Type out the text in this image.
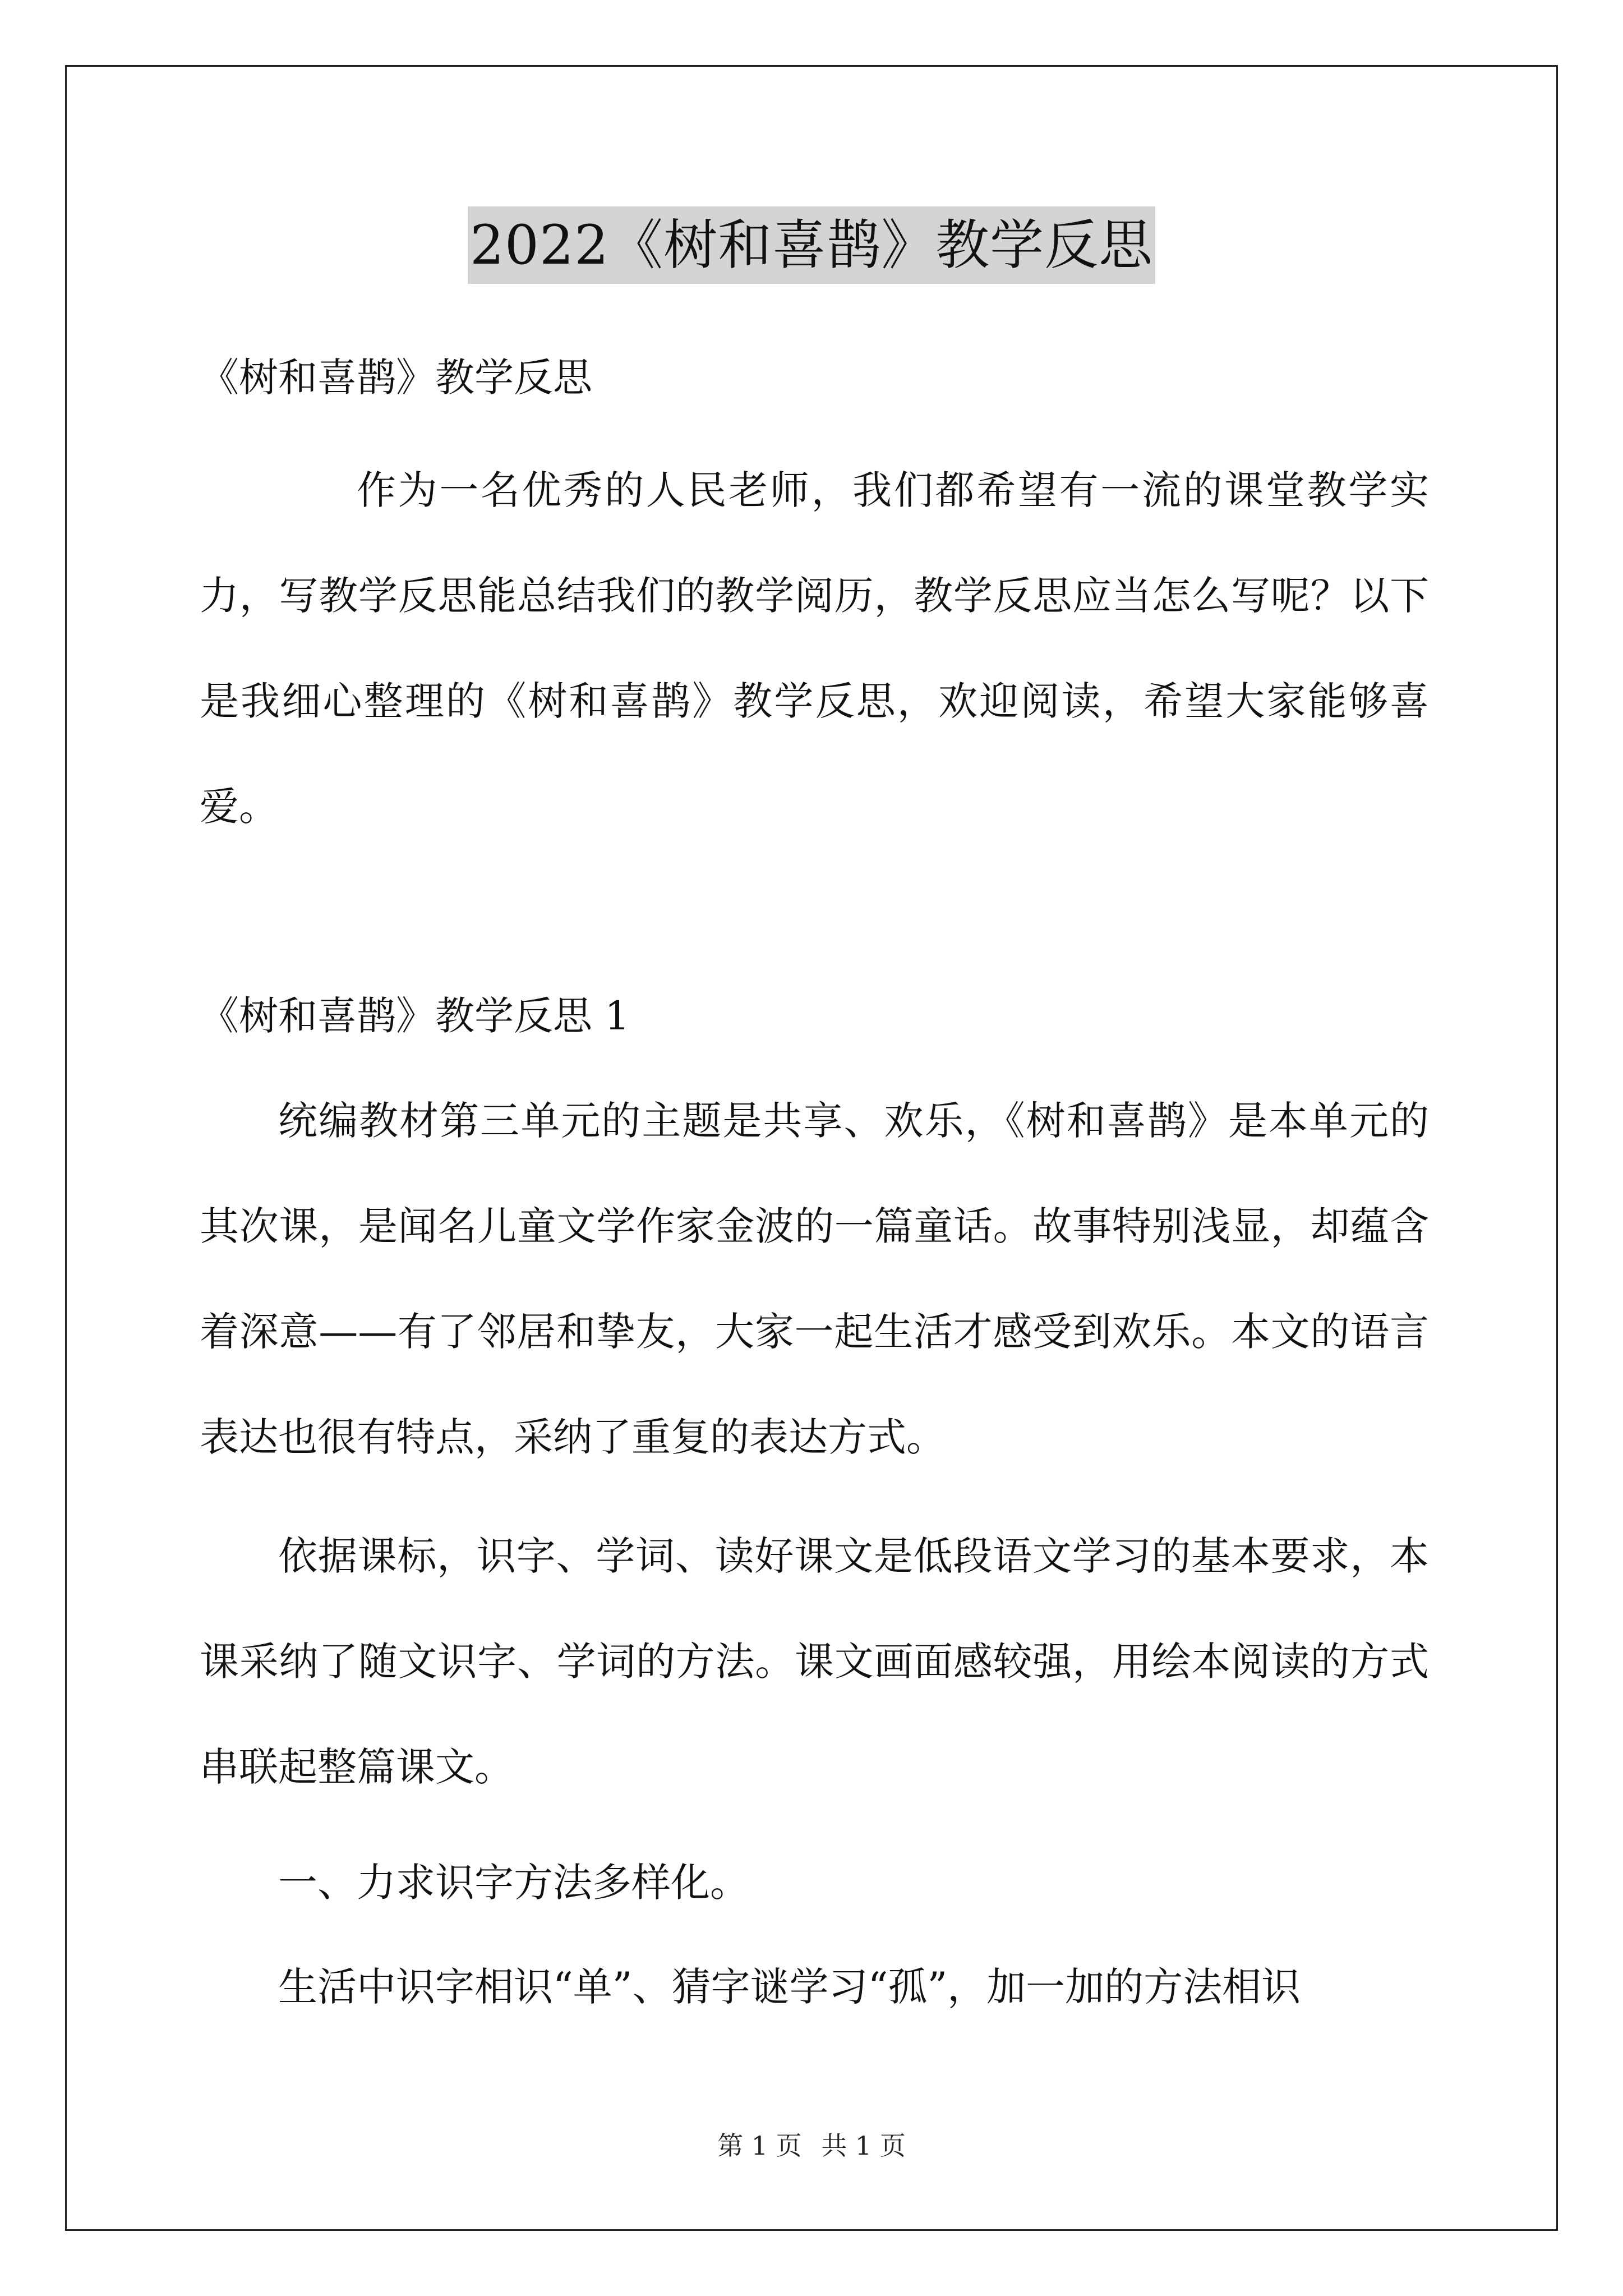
2022《树和喜鹊》教学反思
《树和喜鹊》教学反思
作为一名优秀的人民老师，我们都希望有一流的课堂教学实力，写教学反思能总结我们的教学阅历，教学反思应当怎么写呢？以下是我细心整理的《树和喜鹊》教学反思，欢迎阅读，希望大家能够喜爱。
《树和喜鹊》教学反思 1
统编教材第三单元的主题是共享、欢乐，《树和喜鹊》是本单元的其次课，是闻名儿童文学作家金波的一篇童话。故事特别浅显，却蕴含着深意——有了邻居和挚友，大家一起生活才感受到欢乐。本文的语言表达也很有特点，采纳了重复的表达方式。
依据课标，识字、学词、读好课文是低段语文学习的基本要求，本课采纳了随文识字、学词的方法。课文画面感较强，用绘本阅读的方式串联起整篇课文。
一、力求识字方法多样化。
生活中识字相识“单”、猜字谜学习“孤”，加一加的方法相识
第 1 页 共 1 页
